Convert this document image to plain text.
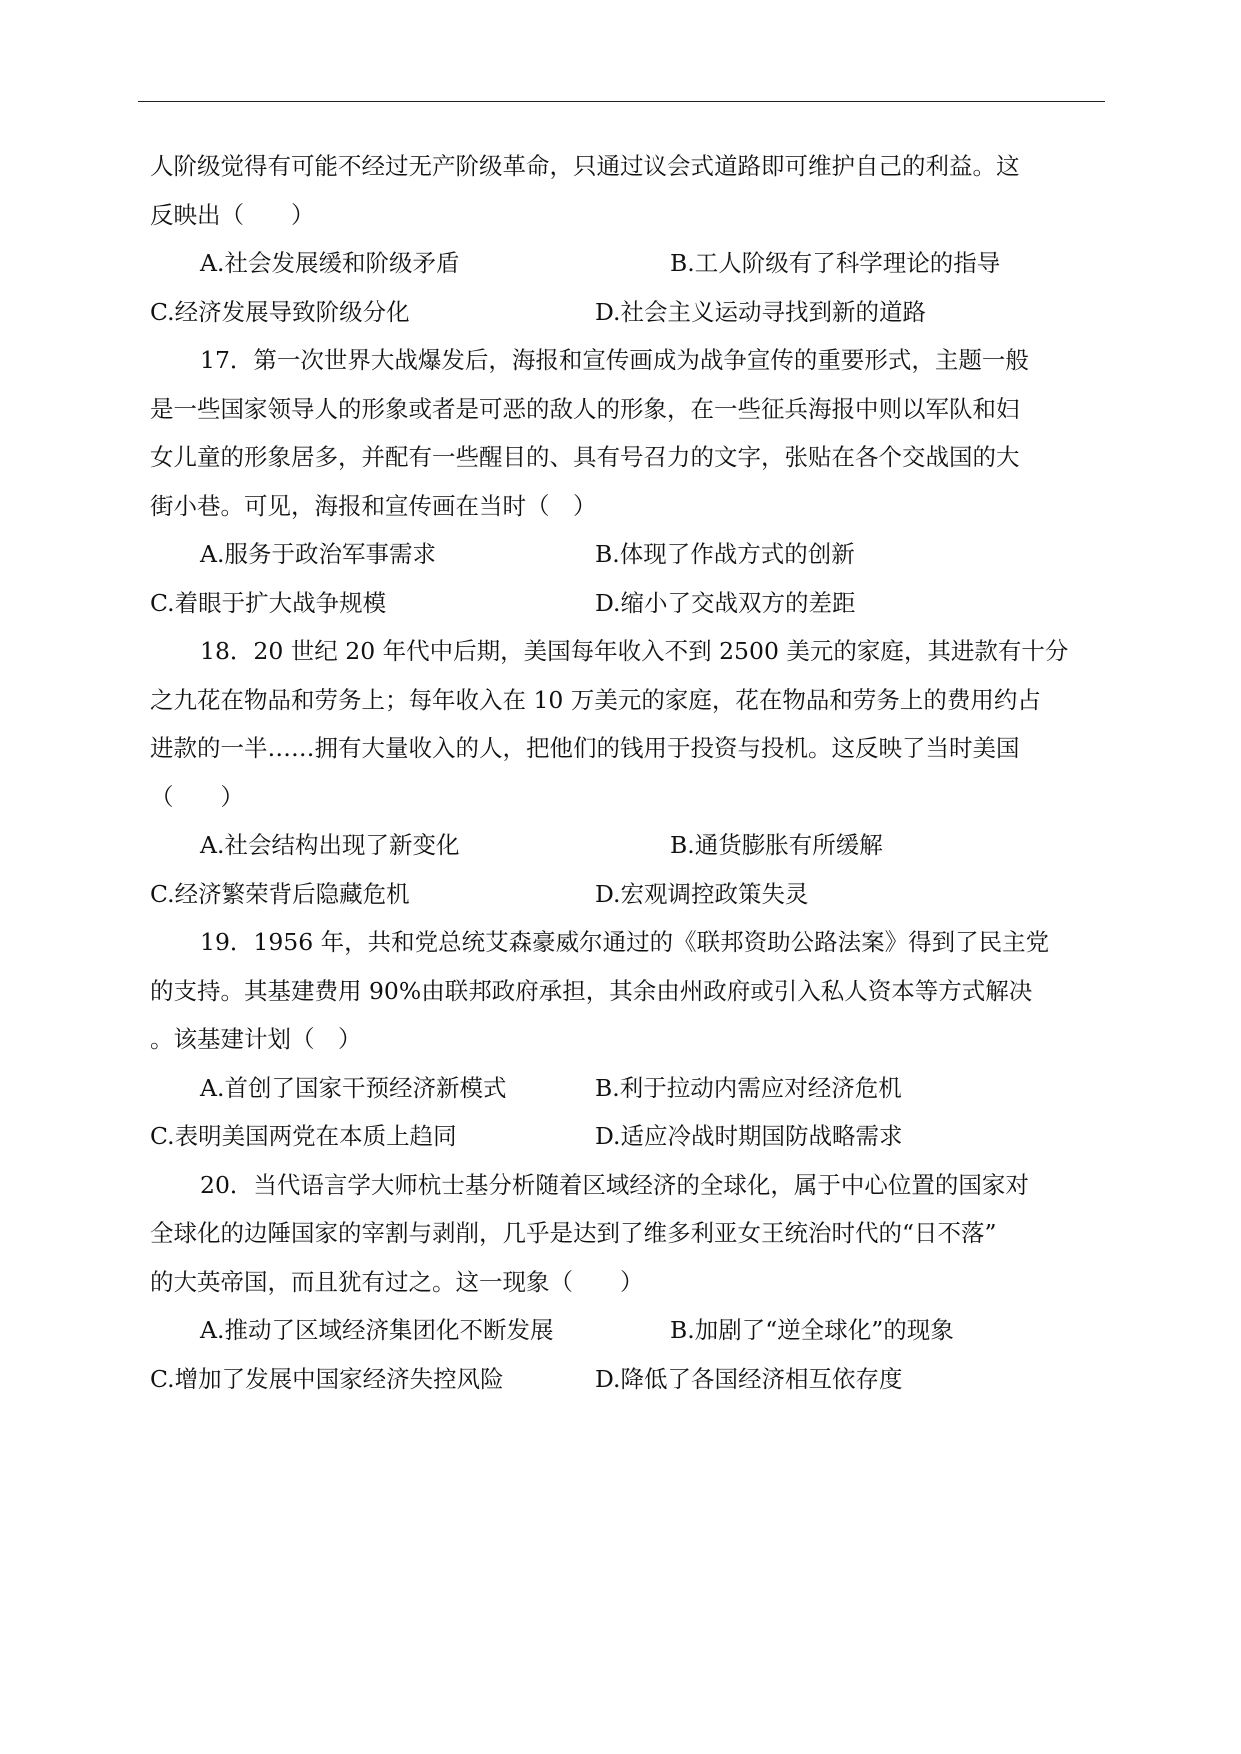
人阶级觉得有可能不经过无产阶级革命，只通过议会式道路即可维护自己的利益。这
反映出（　　）
A.社会发展缓和阶级矛盾	B.工人阶级有了科学理论的指导
C.经济发展导致阶级分化	D.社会主义运动寻找到新的道路
17．第一次世界大战爆发后，海报和宣传画成为战争宣传的重要形式，主题一般
是一些国家领导人的形象或者是可恶的敌人的形象，在一些征兵海报中则以军队和妇
女儿童的形象居多，并配有一些醒目的、具有号召力的文字，张贴在各个交战国的大
街小巷。可见，海报和宣传画在当时（　）
A.服务于政治军事需求	B.体现了作战方式的创新
C.着眼于扩大战争规模	D.缩小了交战双方的差距
18．20 世纪 20 年代中后期，美国每年收入不到 2500 美元的家庭，其进款有十分
之九花在物品和劳务上；每年收入在 10 万美元的家庭，花在物品和劳务上的费用约占
进款的一半……拥有大量收入的人，把他们的钱用于投资与投机。这反映了当时美国
（　　）
A.社会结构出现了新变化	B.通货膨胀有所缓解
C.经济繁荣背后隐藏危机	D.宏观调控政策失灵
19．1956 年，共和党总统艾森豪威尔通过的《联邦资助公路法案》得到了民主党
的支持。其基建费用 90%由联邦政府承担，其余由州政府或引入私人资本等方式解决
。该基建计划（　）
A.首创了国家干预经济新模式	B.利于拉动内需应对经济危机
C.表明美国两党在本质上趋同	D.适应冷战时期国防战略需求
20．当代语言学大师杭士基分析随着区域经济的全球化，属于中心位置的国家对
全球化的边陲国家的宰割与剥削，几乎是达到了维多利亚女王统治时代的“日不落”
的大英帝国，而且犹有过之。这一现象（　　）
A.推动了区域经济集团化不断发展	B.加剧了“逆全球化”的现象
C.增加了发展中国家经济失控风险	D.降低了各国经济相互依存度
